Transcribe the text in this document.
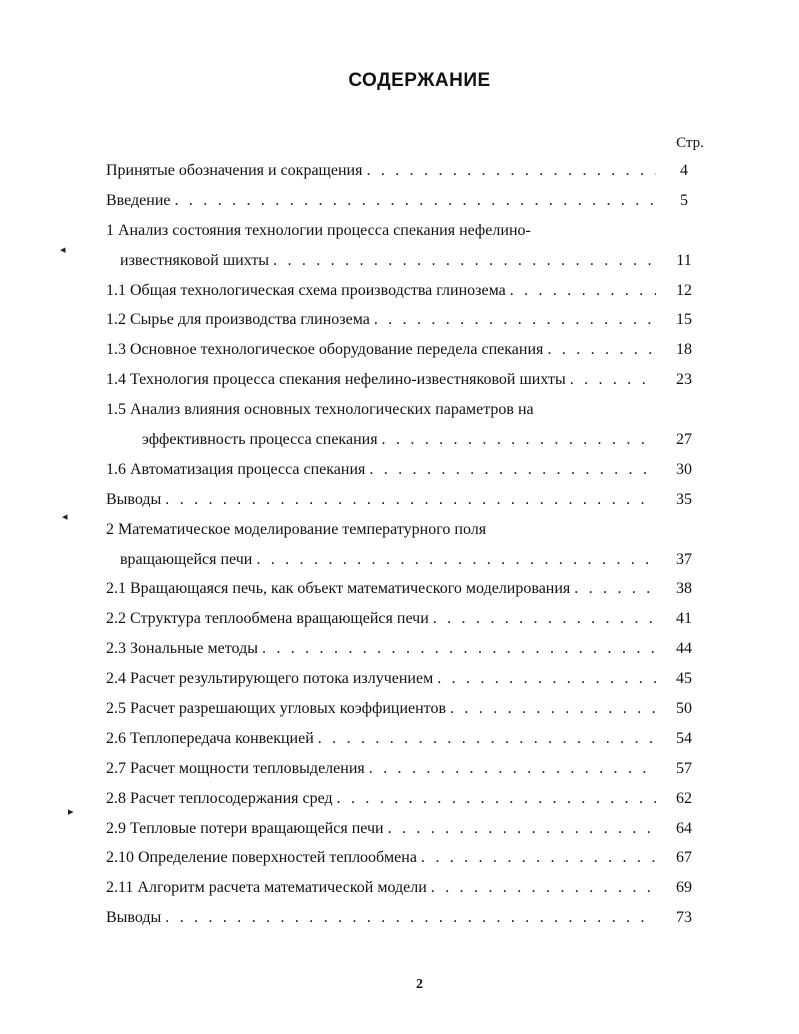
СОДЕРЖАНИЕ
Стр.
Принятые обозначения и сокращения . . .	4
Введение . . .	5
1 Анализ состояния технологии процесса спекания нефелино-
известняковой шихты . . .	11
1.1 Общая технологическая схема производства глинозема . . .	12
1.2 Сырье для производства глинозема . . .	15
1.3 Основное технологическое оборудование передела спекания . . .	18
1.4 Технология процесса спекания нефелино-известняковой шихты . . .	23
1.5 Анализ влияния основных технологических параметров на
эффективность процесса спекания . . .	27
1.6 Автоматизация процесса спекания . . .	30
Выводы . . .	35
2 Математическое моделирование температурного поля
вращающейся печи . . .	37
2.1 Вращающаяся печь, как объект математического моделирования . . .	38
2.2 Структура теплообмена вращающейся печи . . .	41
2.3 Зональные методы . . .	44
2.4 Расчет результирующего потока излучением . . .	45
2.5 Расчет разрешающих угловых коэффициентов . . .	50
2.6 Теплопередача конвекцией . . .	54
2.7 Расчет мощности тепловыделения . . .	57
2.8 Расчет теплосодержания сред . . .	62
2.9 Тепловые потери вращающейся печи . . .	64
2.10 Определение поверхностей теплообмена . . .	67
2.11 Алгоритм расчета математической модели . . .	69
Выводы . . .	73
2
◂
◂
▸
